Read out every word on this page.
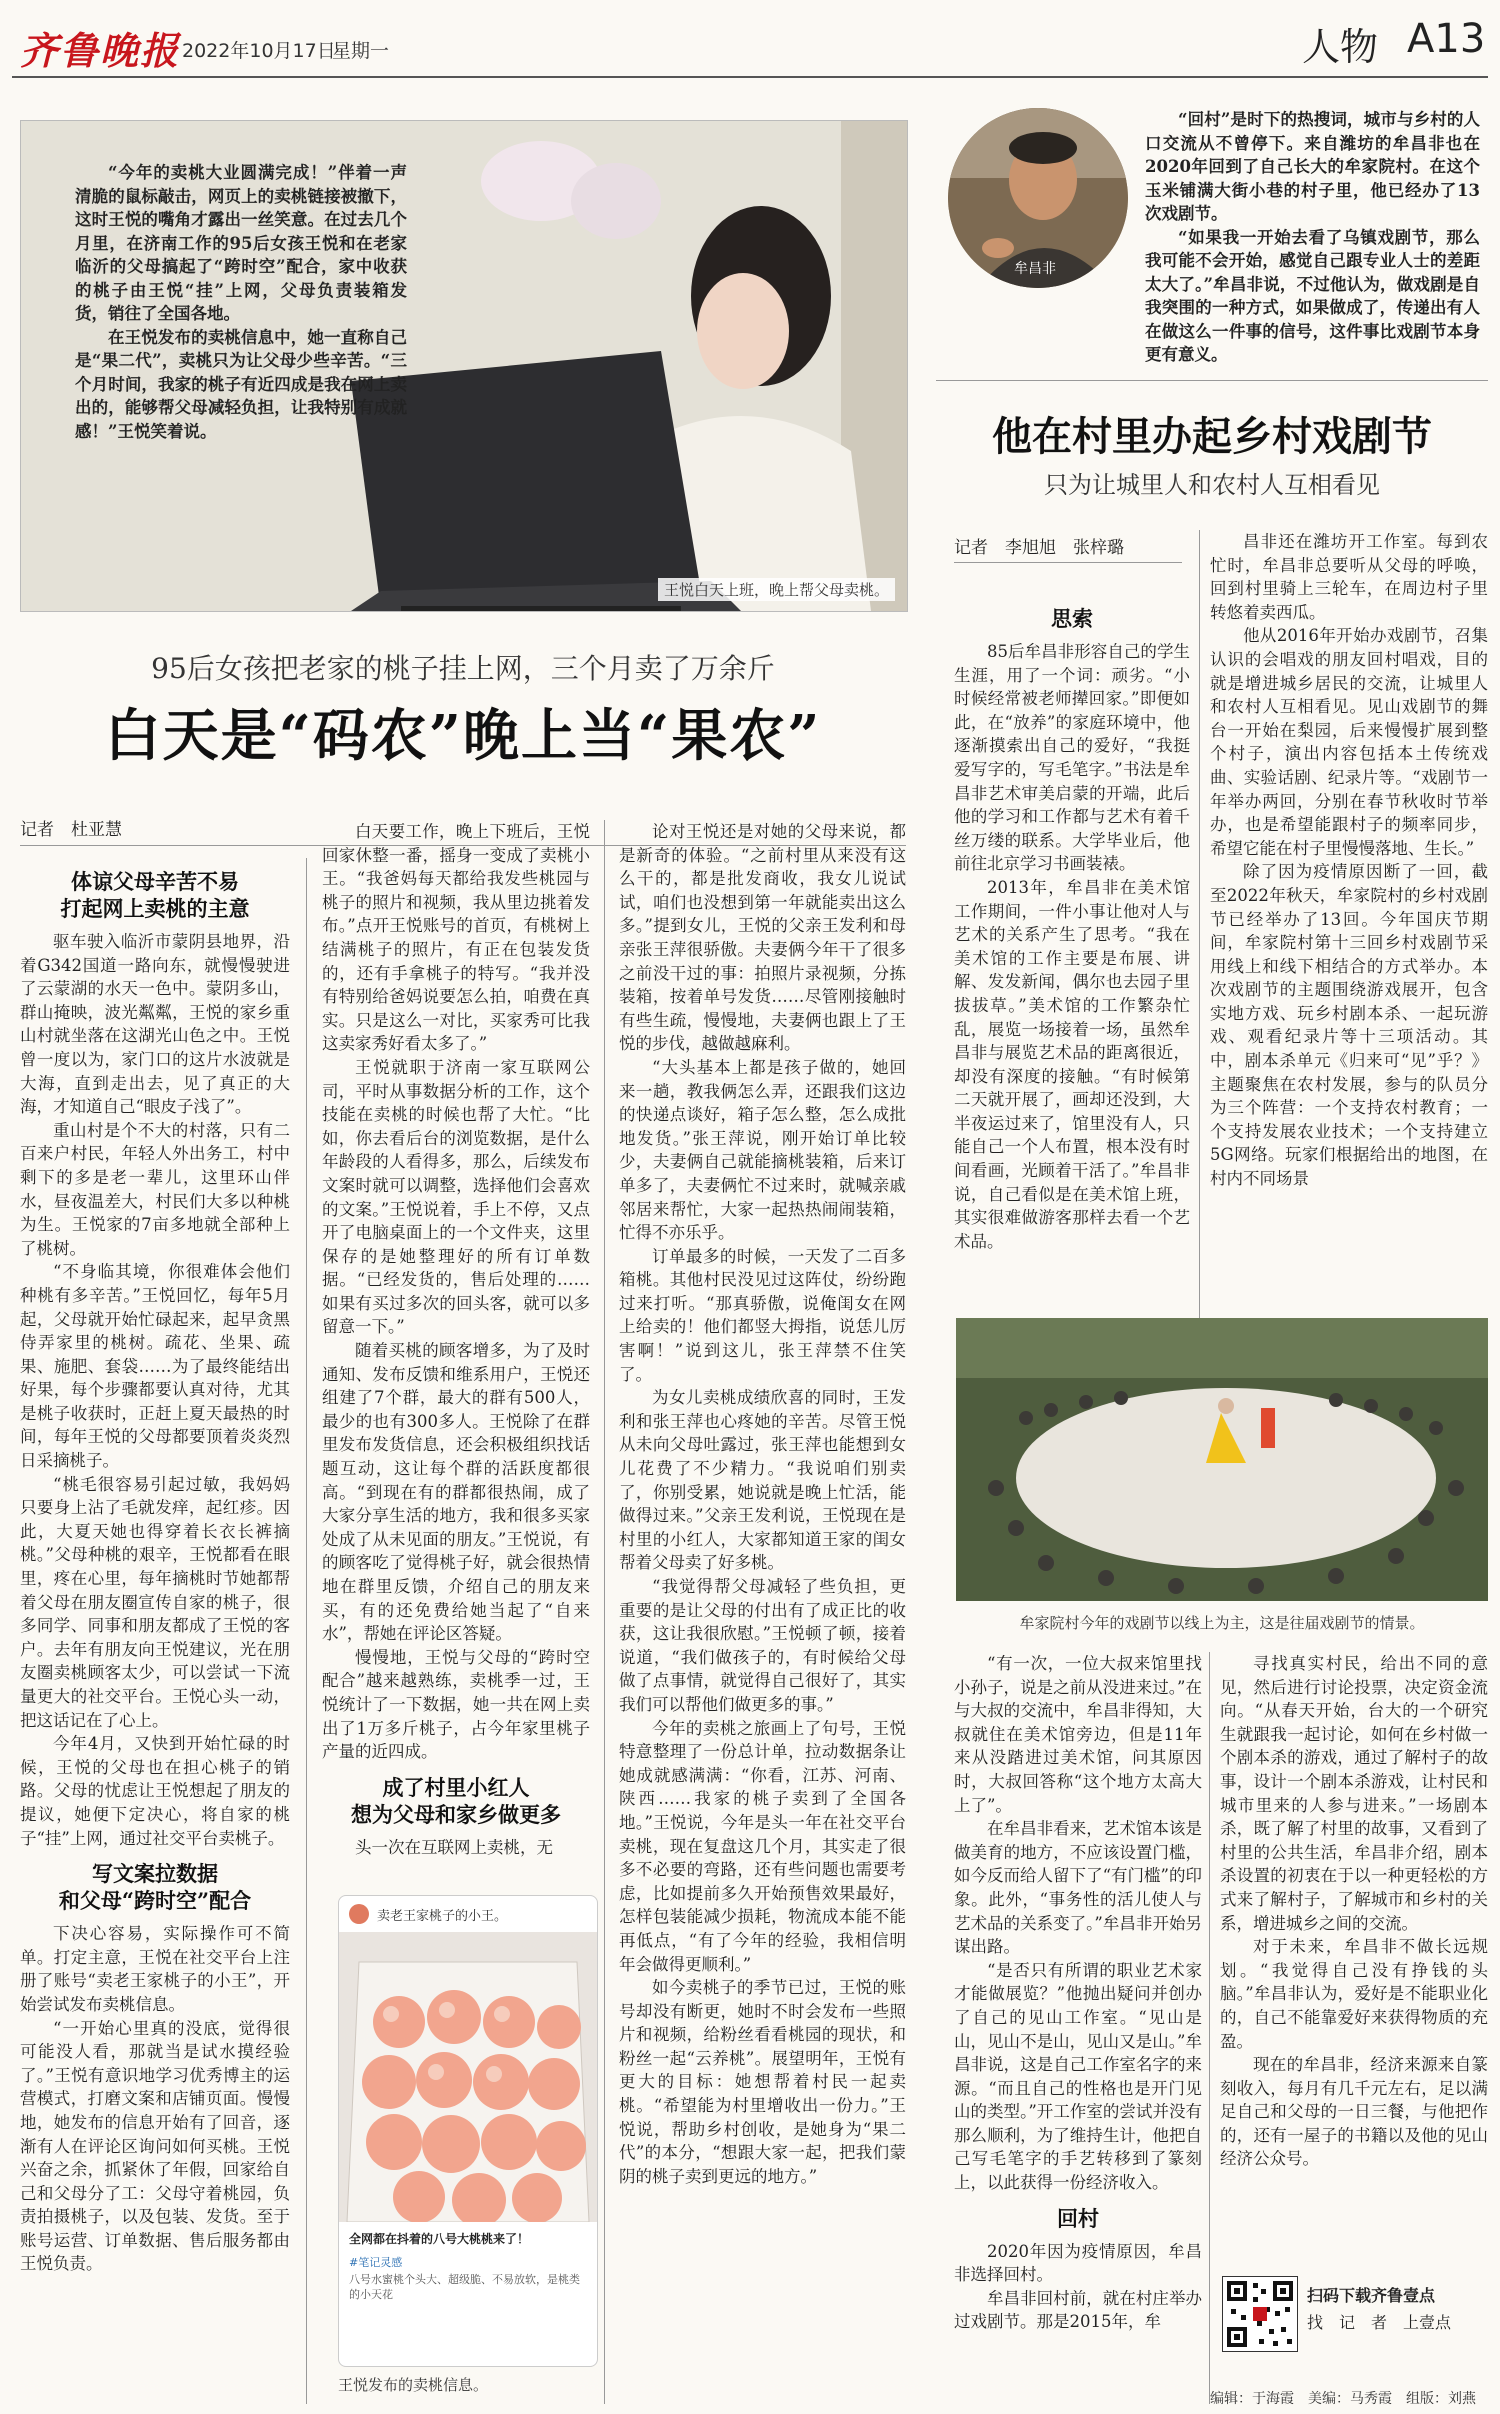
齐鲁晚报 2022年10月17日
星期一	人物 A13

“今年的卖桃大业圆满完成！”伴着一声清脆的鼠标敲击，网页上的卖桃链接被撤下，这时王悦的嘴角才露出一丝笑意。在过去几个月里，在济南工作的95后女孩王悦和在老家临沂的父母搞起了“跨时空”配合，家中收获的桃子由王悦“挂”上网，父母负责装箱发货，销往了全国各地。

在王悦发布的卖桃信息中，她一直称自己是“果二代”，卖桃只为让父母少些辛苦。“三个月时间，我家的桃子有近四成是我在网上卖出的，能够帮父母减轻负担，让我特别有成就感！”王悦笑着说。

王悦白天上班，晚上帮父母卖桃。
95后女孩把老家的桃子挂上网，三个月卖了万余斤
白天是“码农”晚上当“果农”
记者　杜亚慧
体谅父母辛苦不易
打起网上卖桃的主意

驱车驶入临沂市蒙阴县地界，沿着G342国道一路向东，就慢慢驶进了云蒙湖的水天一色中。蒙阴多山，群山掩映，波光粼粼，王悦的家乡重山村就坐落在这湖光山色之中。王悦曾一度以为，家门口的这片水波就是大海，直到走出去，见了真正的大海，才知道自己“眼皮子浅了”。

重山村是个不大的村落，只有二百来户村民，年轻人外出务工，村中剩下的多是老一辈儿，这里环山伴水，昼夜温差大，村民们大多以种桃为生。王悦家的7亩多地就全部种上了桃树。

“不身临其境，你很难体会他们种桃有多辛苦。”王悦回忆，每年5月起，父母就开始忙碌起来，起早贪黑侍弄家里的桃树。疏花、坐果、疏果、施肥、套袋……为了最终能结出好果，每个步骤都要认真对待，尤其是桃子收获时，正赶上夏天最热的时间，每年王悦的父母都要顶着炎炎烈日采摘桃子。

“桃毛很容易引起过敏，我妈妈只要身上沾了毛就发痒，起红疹。因此，大夏天她也得穿着长衣长裤摘桃。”父母种桃的艰辛，王悦都看在眼里，疼在心里，每年摘桃时节她都帮着父母在朋友圈宣传自家的桃子，很多同学、同事和朋友都成了王悦的客户。去年有朋友向王悦建议，光在朋友圈卖桃顾客太少，可以尝试一下流量更大的社交平台。王悦心头一动，把这话记在了心上。

今年4月，又快到开始忙碌的时候，王悦的父母也在担心桃子的销路。父母的忧虑让王悦想起了朋友的提议，她便下定决心，将自家的桃子“挂”上网，通过社交平台卖桃子。

写文案拉数据
和父母“跨时空”配合

下决心容易，实际操作可不简单。打定主意，王悦在社交平台上注册了账号“卖老王家桃子的小王”，开始尝试发布卖桃信息。

“一开始心里真的没底，觉得很可能没人看，那就当是试水摸经验了。”王悦有意识地学习优秀博主的运营模式，打磨文案和店铺页面。慢慢地，她发布的信息开始有了回音，逐渐有人在评论区询问如何买桃。王悦兴奋之余，抓紧休了年假，回家给自己和父母分了工：父母守着桃园，负责拍摄桃子，以及包装、发货。至于账号运营、订单数据、售后服务都由王悦负责。

白天要工作，晚上下班后，王悦回家休整一番，摇身一变成了卖桃小王。“我爸妈每天都给我发些桃园与桃子的照片和视频，我从里边挑着发布。”点开王悦账号的首页，有桃树上结满桃子的照片，有正在包装发货的，还有手拿桃子的特写。“我并没有特别给爸妈说要怎么拍，咱费在真实。只是这么一对比，买家秀可比我这卖家秀好看太多了。”

王悦就职于济南一家互联网公司，平时从事数据分析的工作，这个技能在卖桃的时候也帮了大忙。“比如，你去看后台的浏览数据，是什么年龄段的人看得多，那么，后续发布文案时就可以调整，选择他们会喜欢的文案。”王悦说着，手上不停，又点开了电脑桌面上的一个文件夹，这里保存的是她整理好的所有订单数据。“已经发货的，售后处理的……如果有买过多次的回头客，就可以多留意一下。”

随着买桃的顾客增多，为了及时通知、发布反馈和维系用户，王悦还组建了7个群，最大的群有500人，最少的也有300多人。王悦除了在群里发布发货信息，还会积极组织找话题互动，这让每个群的活跃度都很高。“到现在有的群都很热闹，成了大家分享生活的地方，我和很多买家处成了从未见面的朋友。”王悦说，有的顾客吃了觉得桃子好，就会很热情地在群里反馈，介绍自己的朋友来买，有的还免费给她当起了“自来水”，帮她在评论区答疑。

慢慢地，王悦与父母的“跨时空配合”越来越熟练，卖桃季一过，王悦统计了一下数据，她一共在网上卖出了1万多斤桃子，占今年家里桃子产量的近四成。

成了村里小红人
想为父母和家乡做更多

头一次在互联网上卖桃，无

论对王悦还是对她的父母来说，都是新奇的体验。“之前村里从来没有这么干的，都是批发商收，我女儿说试试，咱们也没想到第一年就能卖出这么多。”提到女儿，王悦的父亲王发利和母亲张王萍很骄傲。夫妻俩今年干了很多之前没干过的事：拍照片录视频，分拣装箱，按着单号发货……尽管刚接触时有些生疏，慢慢地，夫妻俩也跟上了王悦的步伐，越做越麻利。

“大头基本上都是孩子做的，她回来一趟，教我俩怎么弄，还跟我们这边的快递点谈好，箱子怎么整，怎么成批地发货。”张王萍说，刚开始订单比较少，夫妻俩自己就能摘桃装箱，后来订单多了，夫妻俩忙不过来时，就喊亲戚邻居来帮忙，大家一起热热闹闹装箱，忙得不亦乐乎。

订单最多的时候，一天发了二百多箱桃。其他村民没见过这阵仗，纷纷跑过来打听。“那真骄傲，说俺闺女在网上给卖的！他们都竖大拇指，说恁儿厉害啊！”说到这儿，张王萍禁不住笑了。

为女儿卖桃成绩欣喜的同时，王发利和张王萍也心疼她的辛苦。尽管王悦从未向父母吐露过，张王萍也能想到女儿花费了不少精力。“我说咱们别卖了，你别受累，她说就是晚上忙活，能做得过来。”父亲王发利说，王悦现在是村里的小红人，大家都知道王家的闺女帮着父母卖了好多桃。

“我觉得帮父母减轻了些负担，更重要的是让父母的付出有了成正比的收获，这让我很欣慰。”王悦顿了顿，接着说道，“我们做孩子的，有时候给父母做了点事情，就觉得自己很好了，其实我们可以帮他们做更多的事。”

今年的卖桃之旅画上了句号，王悦特意整理了一份总计单，拉动数据条让她成就感满满：“你看，江苏、河南、陕西……我家的桃子卖到了全国各地。”王悦说，今年是头一年在社交平台卖桃，现在复盘这几个月，其实走了很多不必要的弯路，还有些问题也需要考虑，比如提前多久开始预售效果最好，怎样包装能减少损耗，物流成本能不能再低点，“有了今年的经验，我相信明年会做得更顺利。”

如今卖桃子的季节已过，王悦的账号却没有断更，她时不时会发布一些照片和视频，给粉丝看看桃园的现状，和粉丝一起“云养桃”。展望明年，王悦有更大的目标：她想帮着村民一起卖桃。“希望能为村里增收出一份力。”王悦说，帮助乡村创收，是她身为“果二代”的本分，“想跟大家一起，把我们蒙阴的桃子卖到更远的地方。”

卖老王家桃子的小王。
全网都在抖着的八号大桃桃来了！
#笔记灵感
八号水蜜桃个头大、超级脆、不易放软，是桃类的小天花
王悦发布的卖桃信息。
牟昌非

“回村”是时下的热搜词，城市与乡村的人口交流从不曾停下。来自潍坊的牟昌非也在2020年回到了自己长大的牟家院村。在这个玉米铺满大街小巷的村子里，他已经办了13次戏剧节。

“如果我一开始去看了乌镇戏剧节，那么我可能不会开始，感觉自己跟专业人士的差距太大了。”牟昌非说，不过他认为，做戏剧是自我突围的一种方式，如果做成了，传递出有人在做这么一件事的信号，这件事比戏剧节本身更有意义。

他在村里办起乡村戏剧节
只为让城里人和农村人互相看见
记者　李旭旭　张梓璐
思索

85后牟昌非形容自己的学生生涯，用了一个词：顽劣。“小时候经常被老师撵回家。”即便如此，在“放养”的家庭环境中，他逐渐摸索出自己的爱好，“我挺爱写字的，写毛笔字。”书法是牟昌非艺术审美启蒙的开端，此后他的学习和工作都与艺术有着千丝万缕的联系。大学毕业后，他前往北京学习书画装裱。

2013年，牟昌非在美术馆工作期间，一件小事让他对人与艺术的关系产生了思考。“我在美术馆的工作主要是布展、讲解、发发新闻，偶尔也去园子里拔拔草。”美术馆的工作繁杂忙乱，展览一场接着一场，虽然牟昌非与展览艺术品的距离很近，却没有深度的接触。“有时候第二天就开展了，画却还没到，大半夜运过来了，馆里没有人，只能自己一个人布置，根本没有时间看画，光顾着干活了。”牟昌非说，自己看似是在美术馆上班，其实很难做游客那样去看一个艺术品。

昌非还在潍坊开工作室。每到农忙时，牟昌非总要听从父母的呼唤，回到村里骑上三轮车，在周边村子里转悠着卖西瓜。

他从2016年开始办戏剧节，召集认识的会唱戏的朋友回村唱戏，目的就是增进城乡居民的交流，让城里人和农村人互相看见。见山戏剧节的舞台一开始在梨园，后来慢慢扩展到整个村子，演出内容包括本土传统戏曲、实验话剧、纪录片等。“戏剧节一年举办两回，分别在春节秋收时节举办，也是希望能跟村子的频率同步，希望它能在村子里慢慢落地、生长。”

除了因为疫情原因断了一回，截至2022年秋天，牟家院村的乡村戏剧节已经举办了13回。今年国庆节期间，牟家院村第十三回乡村戏剧节采用线上和线下相结合的方式举办。本次戏剧节的主题围绕游戏展开，包含实地方戏、玩乡村剧本杀、一起玩游戏、观看纪录片等十三项活动。其中，剧本杀单元《归来可“见”乎？》主题聚焦在农村发展，参与的队员分为三个阵营：一个支持农村教育；一个支持发展农业技术；一个支持建立5G网络。玩家们根据给出的地图，在村内不同场景

牟家院村今年的戏剧节以线上为主，这是往届戏剧节的情景。

“有一次，一位大叔来馆里找小孙子，说是之前从没进来过。”在与大叔的交流中，牟昌非得知，大叔就住在美术馆旁边，但是11年来从没踏进过美术馆，问其原因时，大叔回答称“这个地方太高大上了”。

在牟昌非看来，艺术馆本该是做美育的地方，不应该设置门槛，如今反而给人留下了“有门槛”的印象。此外，“事务性的活儿使人与艺术品的关系变了。”牟昌非开始另谋出路。

“是否只有所谓的职业艺术家才能做展览？”他抛出疑问并创办了自己的见山工作室。“见山是山，见山不是山，见山又是山。”牟昌非说，这是自己工作室名字的来源。“而且自己的性格也是开门见山的类型。”开工作室的尝试并没有那么顺利，为了维持生计，他把自己写毛笔字的手艺转移到了篆刻上，以此获得一份经济收入。

回村

2020年因为疫情原因，牟昌非选择回村。

牟昌非回村前，就在村庄举办过戏剧节。那是2015年，牟

寻找真实村民，给出不同的意见，然后进行讨论投票，决定资金流向。“从春天开始，台大的一个研究生就跟我一起讨论，如何在乡村做一个剧本杀的游戏，通过了解村子的故事，设计一个剧本杀游戏，让村民和城市里来的人参与进来。”一场剧本杀，既了解了村里的故事，又看到了村里的公共生活，牟昌非介绍，剧本杀设置的初衷在于以一种更轻松的方式来了解村子，了解城市和乡村的关系，增进城乡之间的交流。

对于未来，牟昌非不做长远规划。“我觉得自己没有挣钱的头脑。”牟昌非认为，爱好是不能职业化的，自己不能靠爱好来获得物质的充盈。

现在的牟昌非，经济来源来自篆刻收入，每月有几千元左右，足以满足自己和父母的一日三餐，与他把作的，还有一屋子的书籍以及他的见山经济公众号。

扫码下载齐鲁壹点
找　记　者　上壹点
编辑：于海霞　美编：马秀霞　组版：刘燕
